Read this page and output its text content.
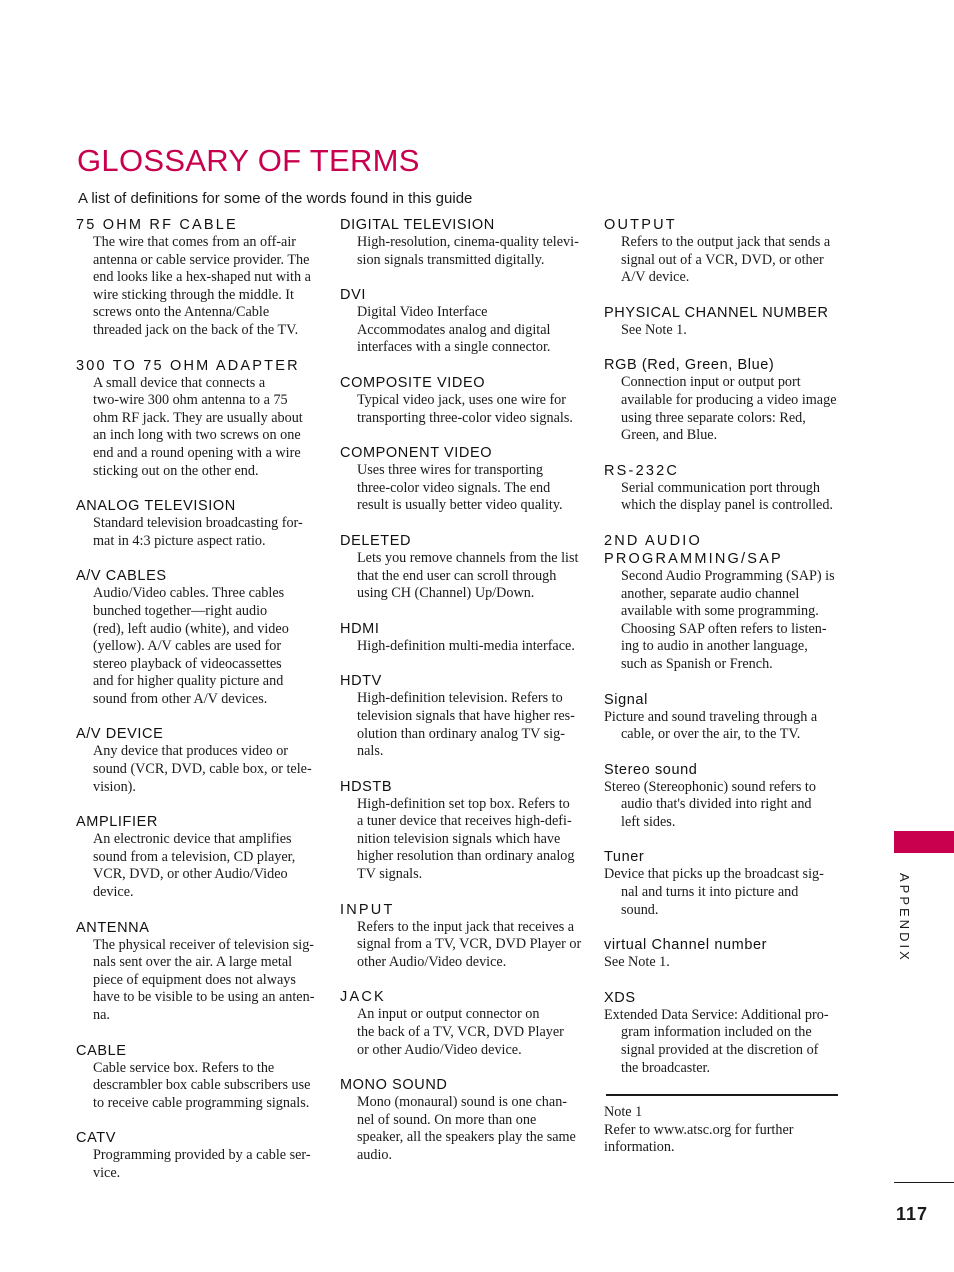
GLOSSARY OF TERMS
A list of definitions for some of the words found in this guide
75 OHM RF CABLE
The wire that comes from an off-air
antenna or cable service provider. The
end looks like a hex-shaped nut with a
wire sticking through the middle. It
screws onto the Antenna/Cable
threaded jack on the back of the TV.
300 TO 75 OHM ADAPTER
A small device that connects a
two-wire 300 ohm antenna to a 75
ohm RF jack. They are usually about
an inch long with two screws on one
end and a round opening with a wire
sticking out on the other end.
ANALOG TELEVISION
Standard television broadcasting for-
mat in 4:3 picture aspect ratio.
A/V CABLES
Audio/Video cables. Three cables
bunched together—right audio
(red), left audio (white), and video
(yellow). A/V cables are used for
stereo playback of videocassettes
and for higher quality picture and
sound from other A/V devices.
A/V DEVICE
Any device that produces video or
sound (VCR, DVD, cable box, or tele-
vision).
AMPLIFIER
An electronic device that amplifies
sound from a television, CD player,
VCR, DVD, or other Audio/Video
device.
ANTENNA
The physical receiver of television sig-
nals sent over the air. A large metal
piece of equipment does not always
have to be visible to be using an anten-
na.
CABLE
Cable service box. Refers to the
descrambler box cable subscribers use
to receive cable programming signals.
CATV
Programming provided by a cable ser-
vice.
DIGITAL TELEVISION
High-resolution, cinema-quality televi-
sion signals transmitted digitally.
DVI
Digital Video Interface
Accommodates analog and digital
interfaces with a single connector.
COMPOSITE VIDEO
Typical video jack, uses one wire for
transporting three-color video signals.
COMPONENT VIDEO
Uses three wires for transporting
three-color video signals. The end
result is usually better video quality.
DELETED
Lets you remove channels from the list
that the end user can scroll through
using CH (Channel) Up/Down.
HDMI
High-definition multi-media interface.
HDTV
High-definition television. Refers to
television signals that have higher res-
olution than ordinary analog TV sig-
nals.
HDSTB
High-definition set top box. Refers to
a tuner device that receives high-defi-
nition television signals which have
higher resolution than ordinary analog
TV signals.
INPUT
Refers to the input jack that receives a
signal from a TV, VCR, DVD Player or
other Audio/Video device.
JACK
An input or output connector on
the back of a TV, VCR, DVD Player
or other Audio/Video device.
MONO SOUND
Mono (monaural) sound is one chan-
nel of sound. On more than one
speaker, all the speakers play the same
audio.
OUTPUT
Refers to the output jack that sends a
signal out of a VCR, DVD, or other
A/V device.
PHYSICAL CHANNEL NUMBER
See Note 1.
RGB (Red, Green, Blue)
Connection input or output port
available for producing a video image
using three separate colors: Red,
Green, and Blue.
RS-232C
Serial communication port through
which the display panel is controlled.
2ND AUDIO
PROGRAMMING/SAP
Second Audio Programming (SAP) is
another, separate audio channel
available with some programming.
Choosing SAP often refers to listen-
ing to audio in another language,
such as Spanish or French.
Signal
Picture and sound traveling through a
cable, or over the air, to the TV.
Stereo sound
Stereo (Stereophonic) sound refers to
audio that's divided into right and
left sides.
Tuner
Device that picks up the broadcast sig-
nal and turns it into picture and
sound.
virtual Channel number
See Note 1.
XDS
Extended Data Service: Additional pro-
gram information included on the
signal provided at the discretion of
the broadcaster.
Note 1
Refer to www.atsc.org for further
information.
APPENDIX
117
